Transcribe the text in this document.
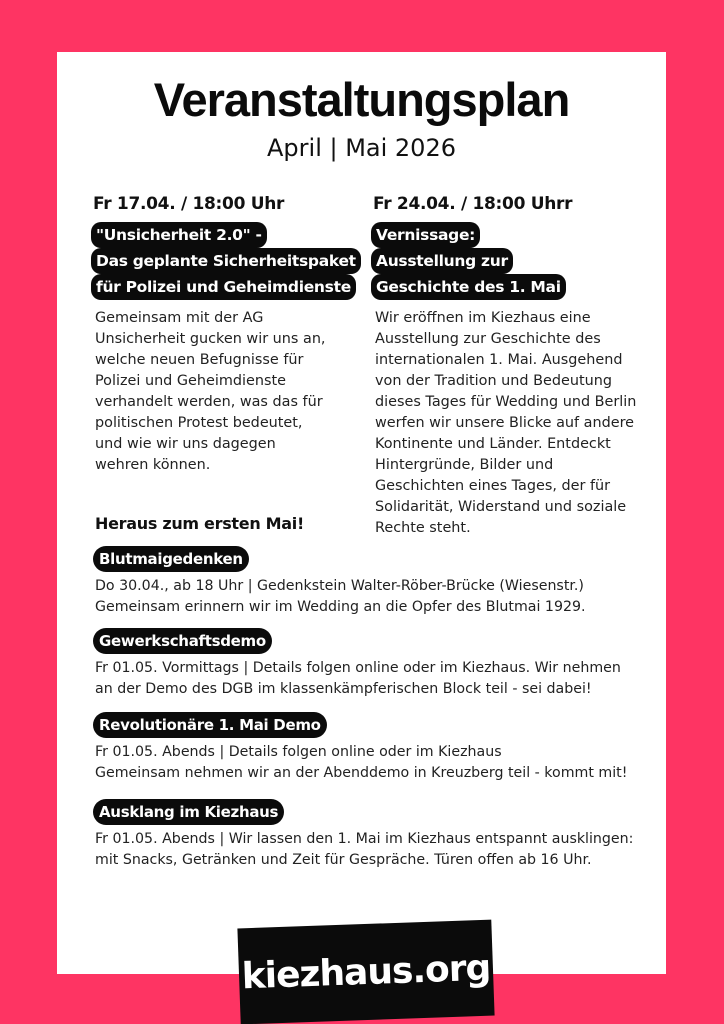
Veranstaltungsplan
April | Mai 2026
Fr 17.04. / 18:00 Uhr
"Unsicherheit 2.0" -
Das geplante Sicherheitspaket
für Polizei und Geheimdienste
Gemeinsam mit der AG
Unsicherheit gucken wir uns an,
welche neuen Befugnisse für
Polizei und Geheimdienste
verhandelt werden, was das für
politischen Protest bedeutet,
und wie wir uns dagegen
wehren können.
Fr 24.04. / 18:00 Uhrr
Vernissage:
Ausstellung zur
Geschichte des 1. Mai
Wir eröffnen im Kiezhaus eine
Ausstellung zur Geschichte des
internationalen 1. Mai. Ausgehend
von der Tradition und Bedeutung
dieses Tages für Wedding und Berlin
werfen wir unsere Blicke auf andere
Kontinente und Länder. Entdeckt
Hintergründe, Bilder und
Geschichten eines Tages, der für
Solidarität, Widerstand und soziale
Rechte steht.
Heraus zum ersten Mai!
Blutmaigedenken
Do 30.04., ab 18 Uhr | Gedenkstein Walter-Röber-Brücke (Wiesenstr.)
Gemeinsam erinnern wir im Wedding an die Opfer des Blutmai 1929.
Gewerkschaftsdemo
Fr 01.05. Vormittags | Details folgen online oder im Kiezhaus. Wir nehmen
an der Demo des DGB im klassenkämpferischen Block teil - sei dabei!
Revolutionäre 1. Mai Demo
Fr 01.05. Abends | Details folgen online oder im Kiezhaus
Gemeinsam nehmen wir an der Abenddemo in Kreuzberg teil - kommt mit!
Ausklang im Kiezhaus
Fr 01.05. Abends | Wir lassen den 1. Mai im Kiezhaus entspannt ausklingen:
mit Snacks, Getränken und Zeit für Gespräche. Türen offen ab 16 Uhr.
kiezhaus.org
